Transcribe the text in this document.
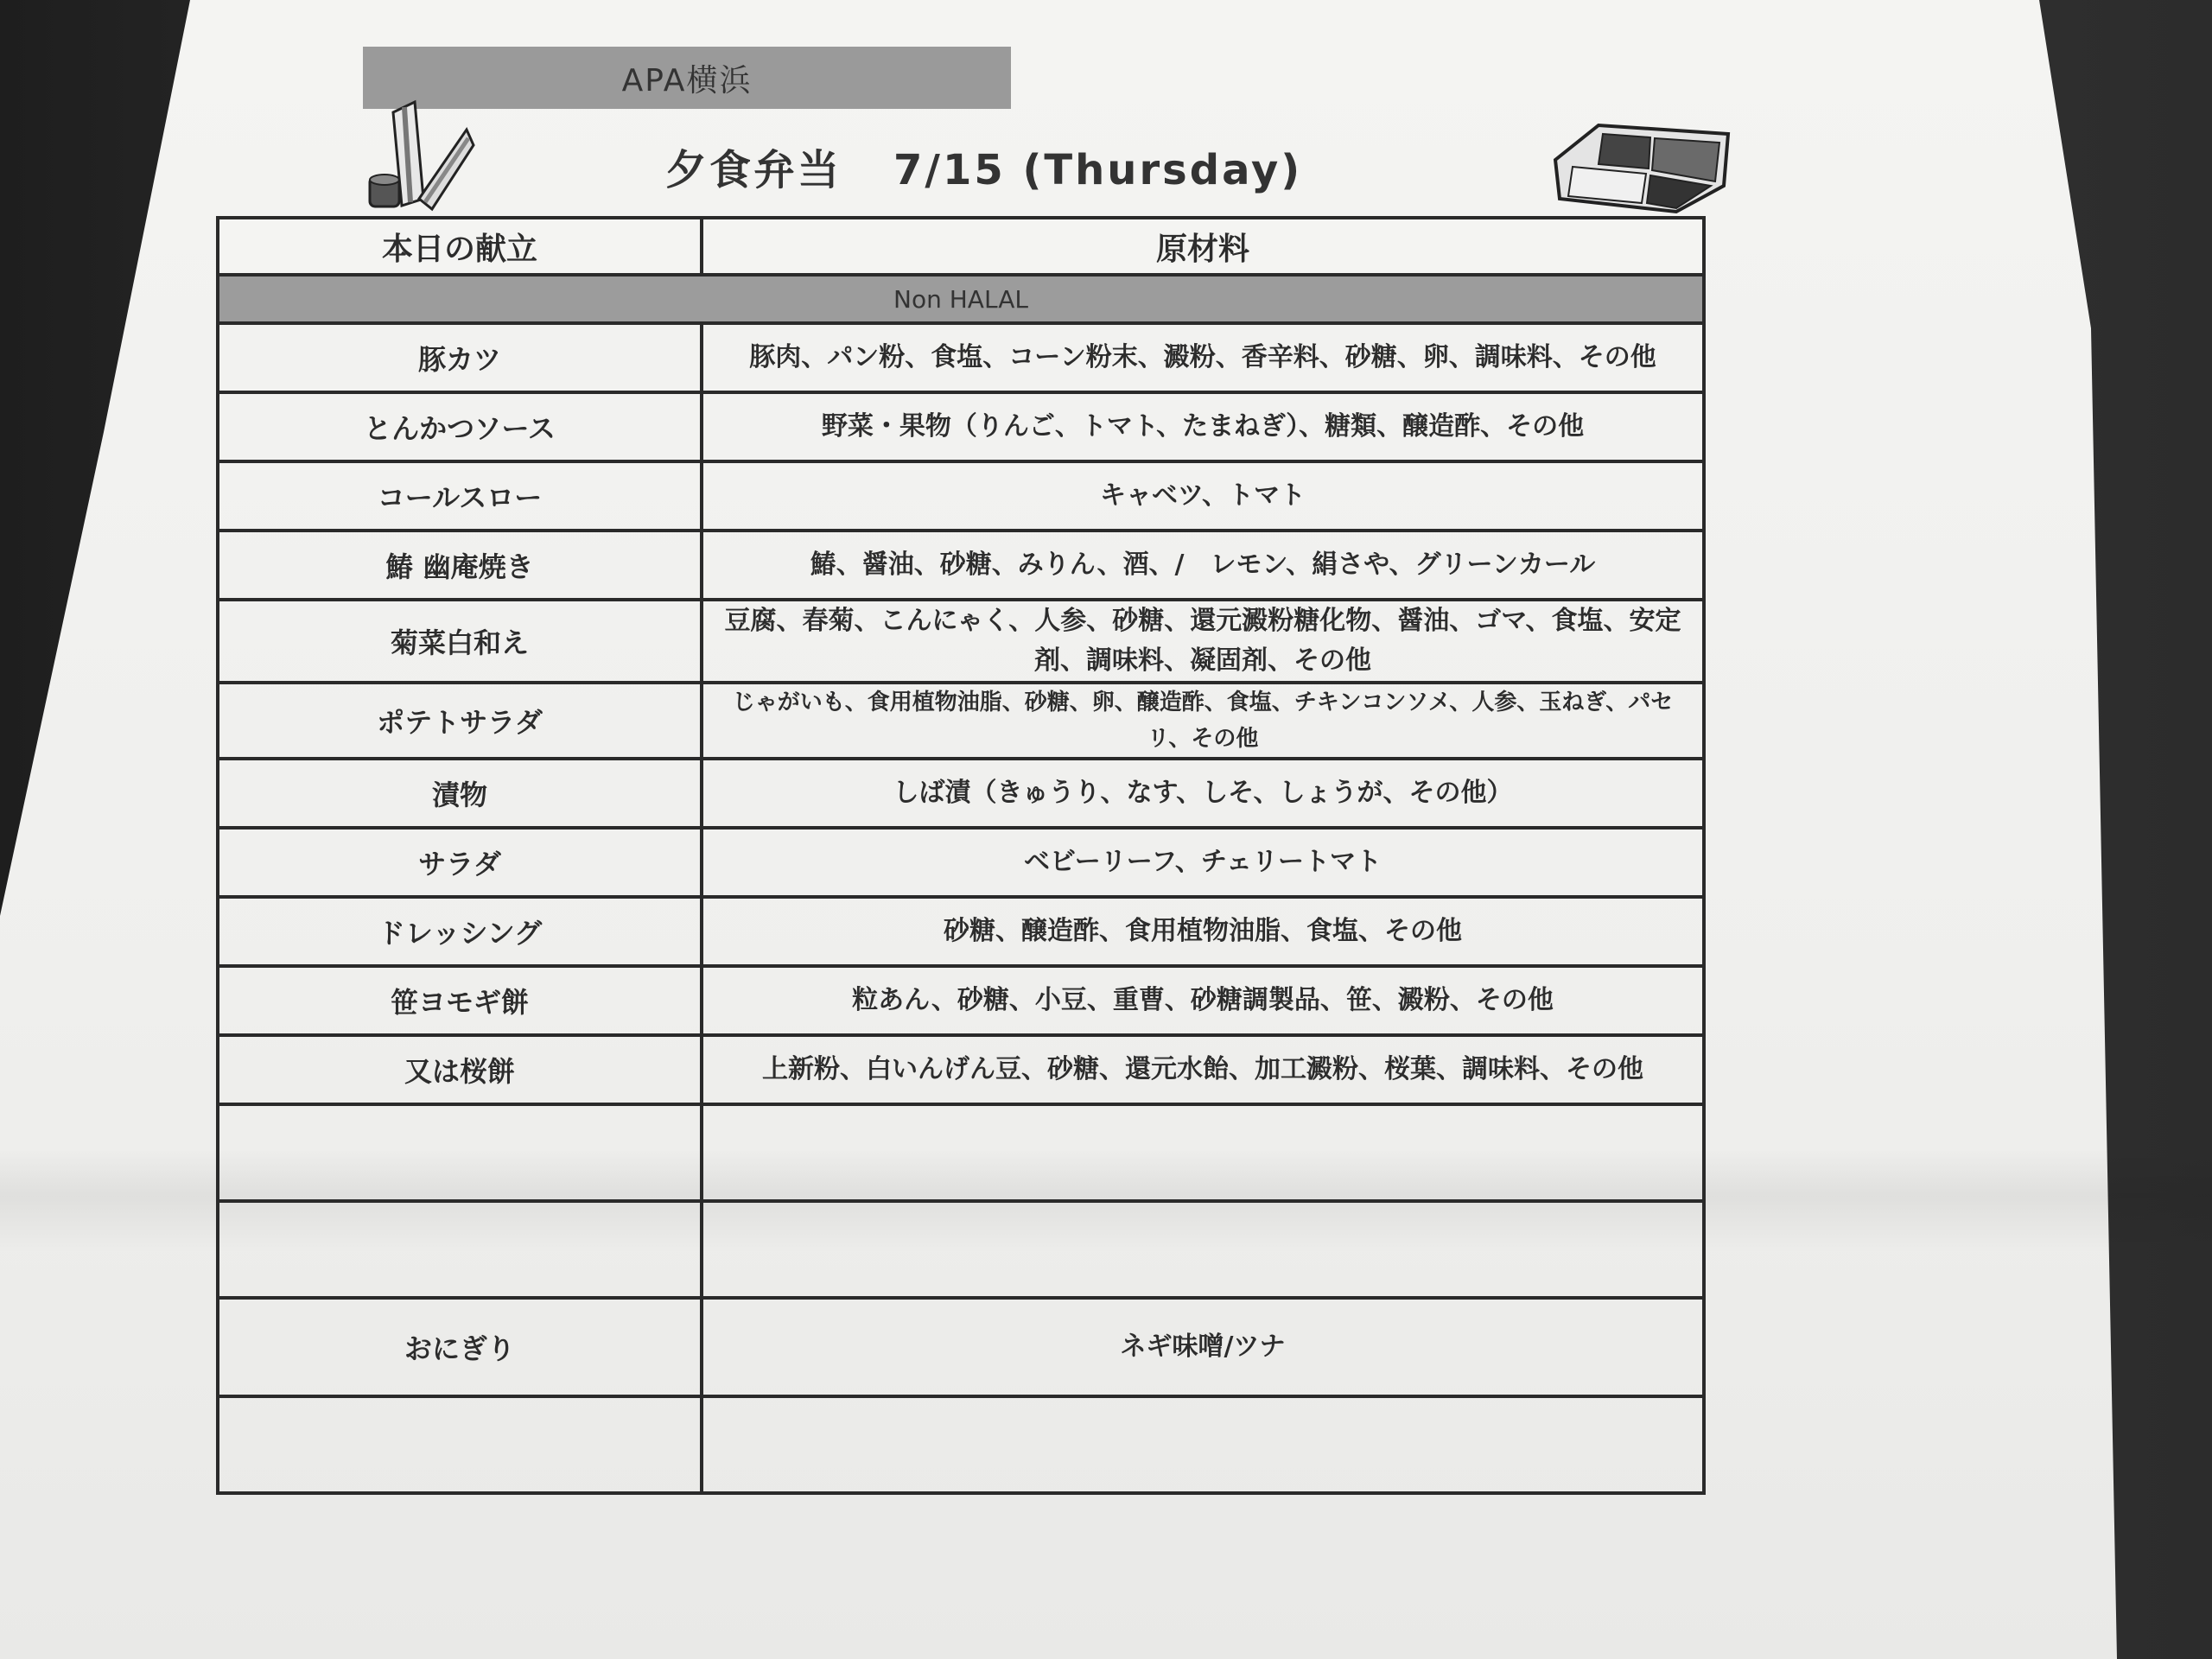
APA横浜
夕食弁当 7/15 (Thursday)
本日の献立	原材料
Non HALAL	
豚カツ	豚肉、パン粉、食塩、コーン粉末、澱粉、香辛料、砂糖、卵、調味料、その他
とんかつソース	野菜・果物（りんご、トマト、たまねぎ）、糖類、醸造酢、その他
コールスロー	キャベツ、トマト
鰆 幽庵焼き	鰆、醤油、砂糖、みりん、酒、/　レモン、絹さや、グリーンカール
菊菜白和え	豆腐、春菊、こんにゃく、人参、砂糖、還元澱粉糖化物、醤油、ゴマ、食塩、安定剤、調味料、凝固剤、その他
ポテトサラダ	じゃがいも、食用植物油脂、砂糖、卵、醸造酢、食塩、チキンコンソメ、人参、玉ねぎ、パセリ、その他
漬物	しば漬（きゅうり、なす、しそ、しょうが、その他）
サラダ	ベビーリーフ、チェリートマト
ドレッシング	砂糖、醸造酢、食用植物油脂、食塩、その他
笹ヨモギ餅	粒あん、砂糖、小豆、重曹、砂糖調製品、笹、澱粉、その他
又は桜餅	上新粉、白いんげん豆、砂糖、還元水飴、加工澱粉、桜葉、調味料、その他

おにぎり	ネギ味噌/ツナ
